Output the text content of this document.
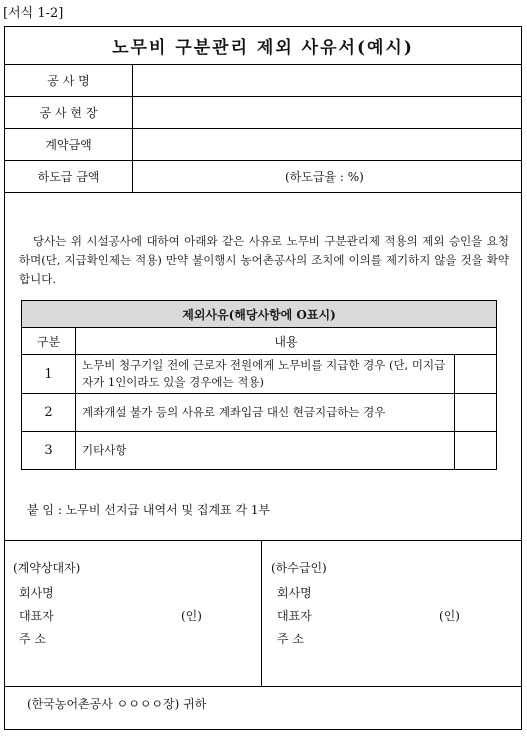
[서식 1-2]
노무비 구분관리 제외 사유서(예시)
공 사 명
공 사 현 장
계약금액
하도급 금액	(하도급율 : %)

당사는 위 시설공사에 대하여 아래와 같은 사유로 노무비 구분관리제 적용의 제외 승인을 요청하며(단, 지급확인제는 적용) 만약 불이행시 농어촌공사의 조치에 이의를 제기하지 않을 것을 확약합니다.

제외사유(해당사항에 O표시)		
구분	내용	
1	노무비 청구기일 전에 근로자 전원에게 노무비를 지급한 경우 (단, 미지급자가 1인이라도 있을 경우에는 적용)	
2	계좌개설 불가 등의 사유로 계좌입금 대신 현금지급하는 경우	
3	기타사항	
붙 임 : 노무비 선지급 내역서 및 집계표 각 1부
(계약상대자)
회사명
대표자	(인)
주 소
(하수급인)
회사명
대표자	(인)
주 소
(한국농어촌공사 ㅇㅇㅇㅇ장) 귀하
